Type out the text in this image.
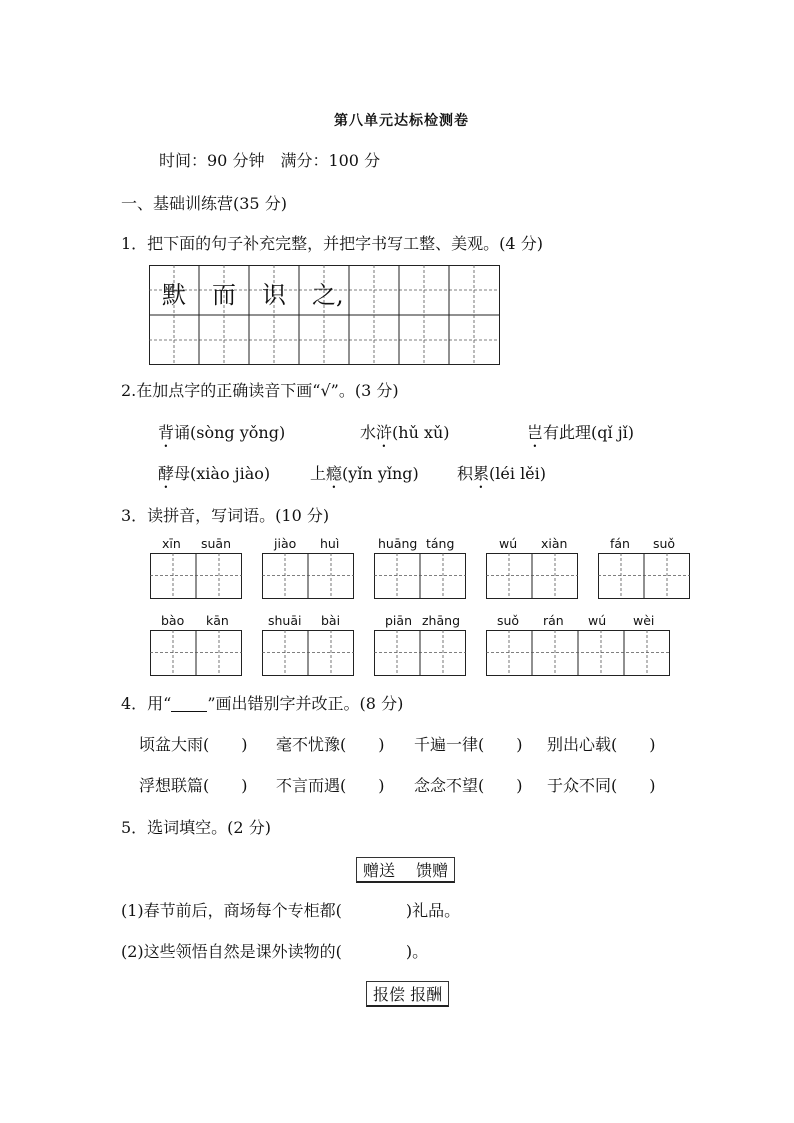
第八单元达标检测卷
时间：90 分钟　满分：100 分
一、基础训练营(35 分)
1．把下面的句子补充完整，并把字书写工整、美观。(4 分)
默 而 识 之,
2.在加点字的正确读音下画“√”。(3 分)
背诵(sòng yǒng)	水浒(hǔ xǔ)	岂有此理(qǐ jǐ)
酵母(xiào jiào) 上瘾(yǐn yǐng) 积累(léi lěi)
3．读拼音，写词语。(10 分)
xīn suān	jiào huì	huāng táng	wú xiàn	fán suǒ
bào kān	shuāi bài	piān zhāng	suǒ rán wú wèi
4．用“ ”画出错别字并改正。(8 分)
顷盆大雨(　　) 毫不忧豫(　　) 千遍一律(　　) 别出心载(　　)
浮想联篇(　　) 不言而遇(　　) 念念不望(　　) 于众不同(　　)
5．选词填空。(2 分)
赠送　 馈赠
(1)春节前后，商场每个专柜都(　　　　)礼品。
(2)这些领悟自然是课外读物的(　　　　)。
报偿 报酬
